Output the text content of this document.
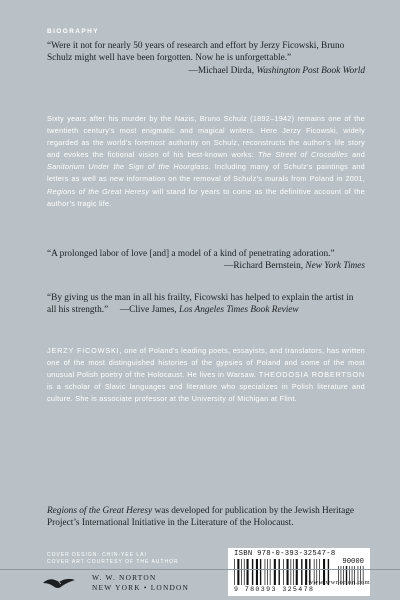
BIOGRAPHY
“Were it not for nearly 50 years of research and effort by Jerzy Ficowski, Bruno Schulz might well have been forgotten. Now he is unforgettable.”
—Michael Dirda, Washington Post Book World
Sixty years after his murder by the Nazis, Bruno Schulz (1892–1942) remains one of the twentieth century’s most enigmatic and magical writers. Here Jerzy Ficowski, widely regarded as the world’s foremost authority on Schulz, reconstructs the author’s life story and evokes the fictional vision of his best-known works: The Street of Crocodiles and Sanitorium Under the Sign of the Hourglass. Including many of Schulz’s paintings and letters as well as new information on the removal of Schulz’s murals from Poland in 2001, Regions of the Great Heresy will stand for years to come as the definitive account of the author’s tragic life.
“A prolonged labor of love [and] a model of a kind of penetrating adoration.”
—Richard Bernstein, New York Times
“By giving us the man in all his frailty, Ficowski has helped to explain the artist in all his strength.” —Clive James, Los Angeles Times Book Review
JERZY FICOWSKI, one of Poland’s leading poets, essayists, and translators, has written one of the most distinguished histories of the gypsies of Poland and some of the most unusual Polish poetry of the Holocaust. He lives in Warsaw. THEODOSIA ROBERTSON is a scholar of Slavic languages and literature who specializes in Polish literature and culture. She is associate professor at the University of Michigan at Flint.
Regions of the Great Heresy was developed for publication by the Jewish Heritage Project’s International Initiative in the Literature of the Holocaust.
COVER DESIGN: CHIN-YEE LAI
COVER ART COURTESY OF THE AUTHOR
ISBN 978-0-393-32547-8
90000
9 780393 325478
W. W. NORTON
NEW YORK • LONDON
www.wwnorton.com
